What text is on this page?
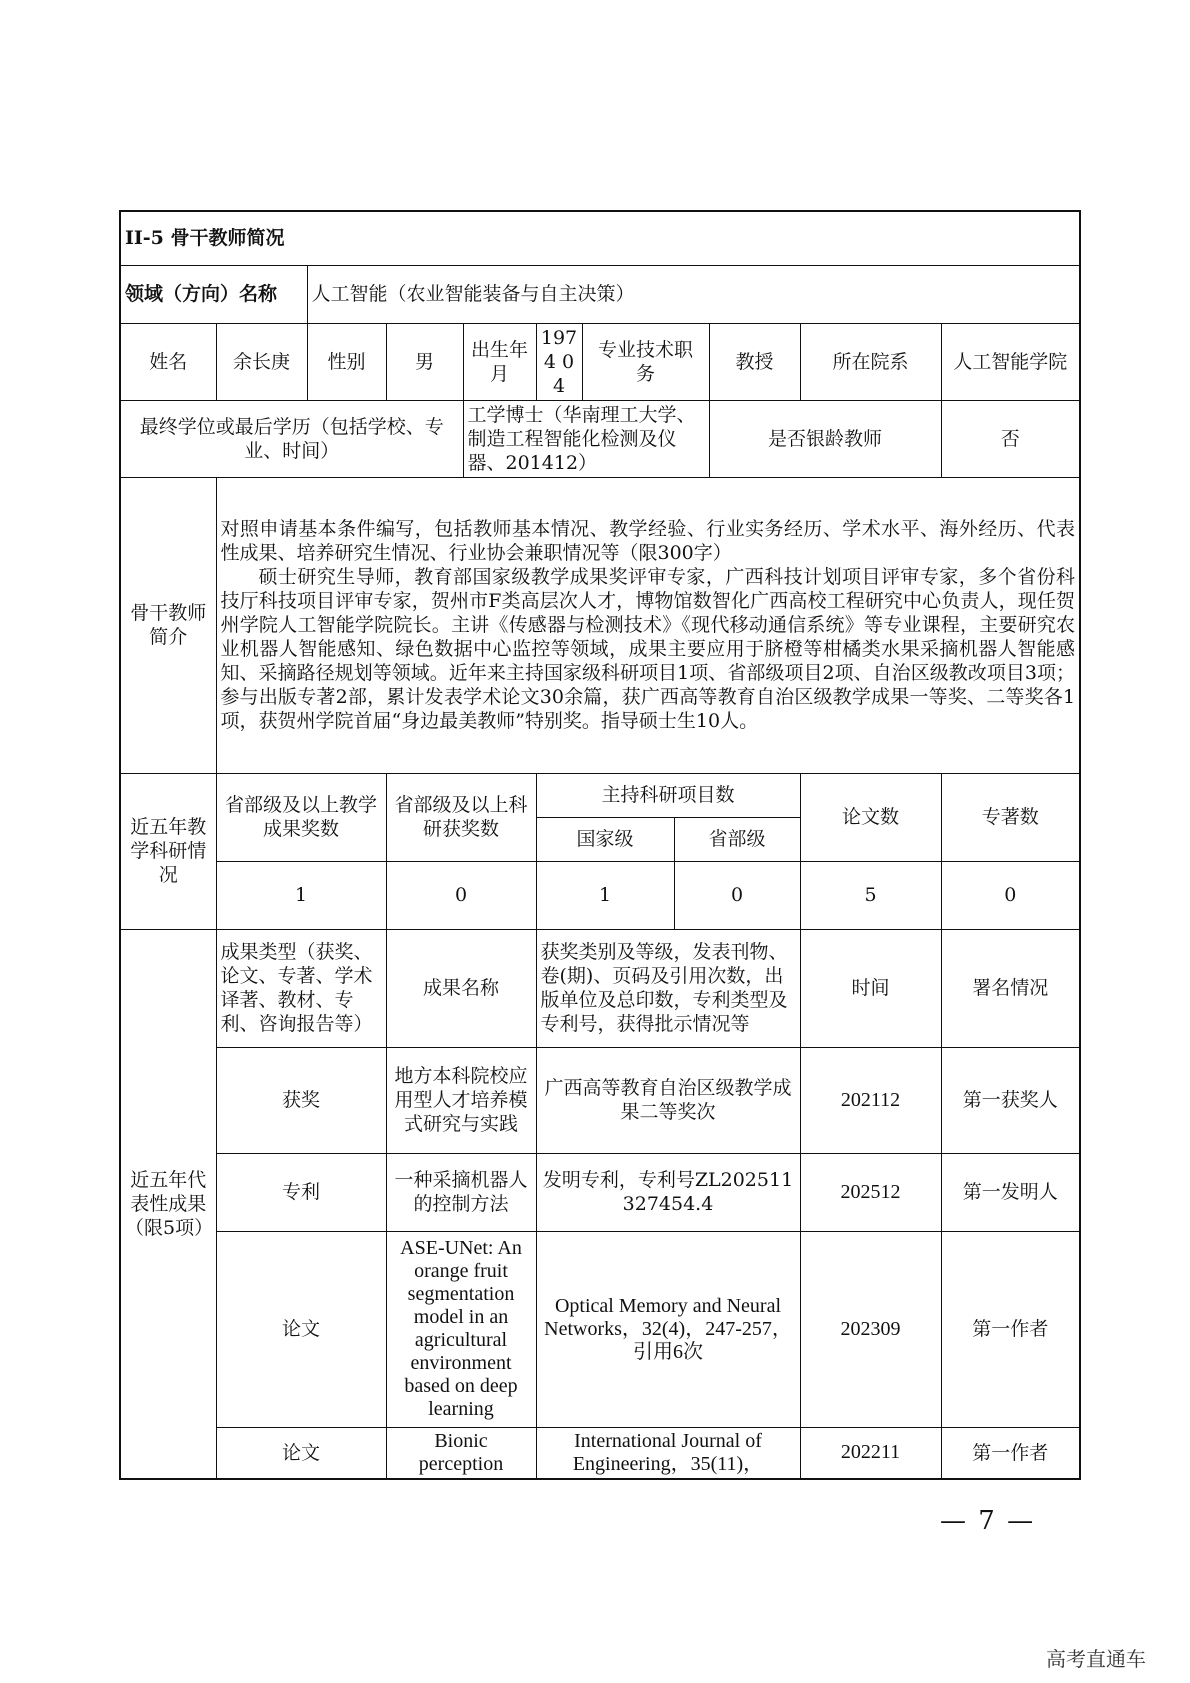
II-5 骨干教师简况										
领域（方向）名称		人工智能（农业智能装备与自主决策）								
姓名	余长庚	性别	男	出生年月	1974 04	专业技术职　务		教授	所在院系	人工智能学院
最终学位或最后学历（包括学校、专业、时间）				工学博士（华南理工大学、制造工程智能化检测及仪器、201412）				是否银龄教师		否
骨干教师简介	对照申请基本条件编写，包括教师基本情况、教学经验、行业实务经历、学术水平、海外经历、代表性成果、培养研究生情况、行业协会兼职情况等（限300字）
硕士研究生导师，教育部国家级教学成果奖评审专家，广西科技计划项目评审专家，多个省份科技厅科技项目评审专家，贺州市F类高层次人才，博物馆数智化广西高校工程研究中心负责人，现任贺州学院人工智能学院院长。主讲《传感器与检测技术》《现代移动通信系统》等专业课程，主要研究农业机器人智能感知、绿色数据中心监控等领域，成果主要应用于脐橙等柑橘类水果采摘机器人智能感知、采摘路径规划等领域。近年来主持国家级科研项目1项、省部级项目2项、自治区级教改项目3项；参与出版专著2部，累计发表学术论文30余篇，获广西高等教育自治区级教学成果一等奖、二等奖各1项，获贺州学院首届“身边最美教师”特别奖。指导硕士生10人。									

近五年教学科研情况	省部级及以上教学成果奖数		省部级及以上科研获奖数		主持科研项目数				论文数	专著数
					国家级		省部级			
	1		0		1		0		5	0
近五年代表性成果（限5项）	成果类型（获奖、论文、专著、学术译著、教材、专利、咨询报告等）		成果名称		获奖类别及等级，发表刊物、卷(期)、页码及引用次数，出版单位及总印数，专利类型及专利号，获得批示情况等				时间	署名情况
	获奖		地方本科院校应用型人才培养模式研究与实践		广西高等教育自治区级教学成果二等奖次				202112	第一获奖人
	专利		一种采摘机器人的控制方法		发明专利，专利号ZL202511327454.4				202512	第一发明人
	论文		ASE-UNet: An orange fruit segmentation model in an agricultural environment based on deep learning		Optical Memory and Neural Networks，32(4)，247-257，引用6次				202309	第一作者
	论文		Bionic perception		International Journal of Engineering，35(11)，				202211	第一作者
— 7 —
高考直通车
